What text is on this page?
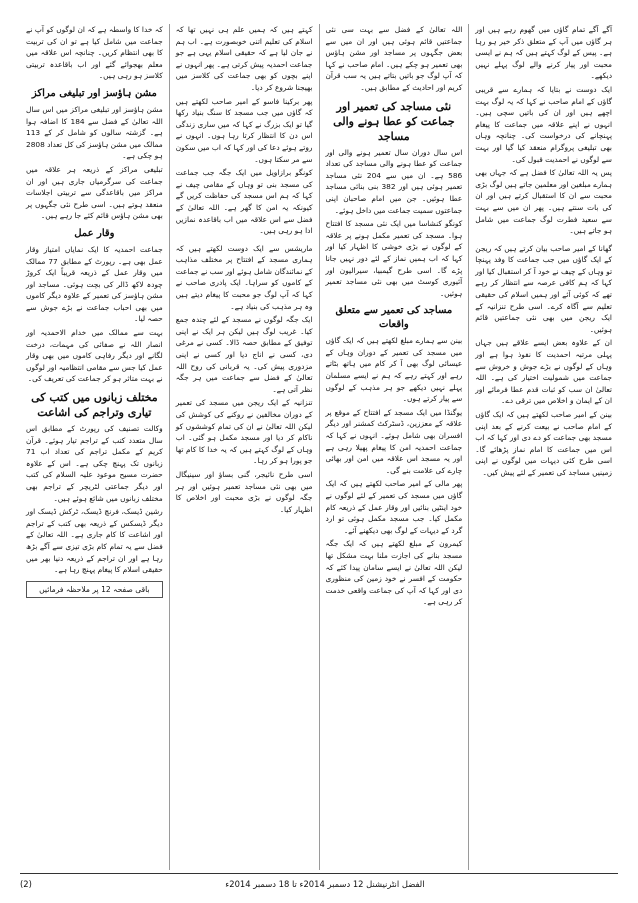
آگے آگے تمام گاؤں میں گھوم رہے ہیں اور ہر گاؤں میں آپ کے متعلق ذکر خیر ہو رہا ہے۔ پیس کے لوگ کہتے ہیں کہ ہم نے ایسی محبت اور پیار کرنے والے لوگ پہلے نہیں دیکھے۔

ایک دوست نے بتایا کہ ہمارے سے قریبی گاؤں کے امام صاحب نے کہا کہ یہ لوگ بہت اچھے ہیں اور ان کی باتیں سچی ہیں۔ انہوں نے اپنے علاقہ میں جماعت کا پیغام پہنچانے کی درخواست کی۔ چنانچہ وہاں بھی تبلیغی پروگرام منعقد کیا گیا اور بہت سے لوگوں نے احمدیت قبول کی۔

پس یہ اللہ تعالیٰ کا فضل ہے کہ جہاں بھی ہمارے مبلغین اور معلمین جاتے ہیں لوگ بڑی محبت سے ان کا استقبال کرتے ہیں اور ان کی بات سنتے ہیں۔ پھر ان میں سے بہت سے سعید فطرت لوگ جماعت میں شامل ہو جاتے ہیں۔

گھانا کے امیر صاحب بیان کرتے ہیں کہ ریجن کے ایک گاؤں میں جب جماعت کا وفد پہنچا تو وہاں کے چیف نے خود آ کر استقبال کیا اور کہا کہ ہم کافی عرصہ سے انتظار کر رہے تھے کہ کوئی آئے اور ہمیں اسلام کی حقیقی تعلیم سے آگاہ کرے۔ اسی طرح تنزانیہ کے ایک ریجن میں بھی نئی جماعتیں قائم ہوئیں۔

ان کے علاوہ بعض ایسے علاقے ہیں جہاں پہلی مرتبہ احمدیت کا نفوذ ہوا ہے اور وہاں کے لوگوں نے بڑے جوش و خروش سے جماعت میں شمولیت اختیار کی ہے۔ اللہ تعالیٰ ان سب کو ثبات قدم عطا فرمائے اور ان کے ایمان و اخلاص میں ترقی دے۔

بینن کے امیر صاحب لکھتے ہیں کہ ایک گاؤں کے امام صاحب نے بیعت کرنے کے بعد اپنی مسجد بھی جماعت کو دے دی اور کہا کہ اب اس میں جماعت کا امام نماز پڑھائے گا۔ اسی طرح کئی دیہات میں لوگوں نے اپنی زمینیں مساجد کی تعمیر کے لئے پیش کیں۔

اللہ تعالیٰ کے فضل سے بہت سی نئی جماعتیں قائم ہوئی ہیں اور ان میں سے بعض جگہوں پر مساجد اور مشن ہاؤس بھی تعمیر ہو چکے ہیں۔ امام صاحب نے کہا کہ آپ لوگ جو باتیں بتاتے ہیں یہ سب قرآن کریم اور احادیث کے مطابق ہیں۔

نئی مساجد کی تعمیر اور جماعت کو عطا ہونے والی مساجد

اس سال دوران سال تعمیر ہونے والی اور جماعت کو عطا ہونے والی مساجد کی تعداد 586 ہے۔ ان میں سے 204 نئی مساجد تعمیر ہوئی ہیں اور 382 بنی بنائی مساجد عطا ہوئیں۔ جن میں امام صاحبان اپنی جماعتوں سمیت جماعت میں داخل ہوئے۔

کونگو کنشاسا میں ایک نئی مسجد کا افتتاح ہوا۔ مسجد کی تعمیر مکمل ہونے پر علاقہ کے لوگوں نے بڑی خوشی کا اظہار کیا اور کہا کہ اب ہمیں نماز کے لئے دور نہیں جانا پڑے گا۔ اسی طرح گیمبیا، سیرالیون اور آئیوری کوسٹ میں بھی نئی مساجد تعمیر ہوئیں۔

مساجد کی تعمیر سے متعلق واقعات

بینن سے ہمارے مبلغ لکھتے ہیں کہ ایک گاؤں میں مسجد کی تعمیر کے دوران وہاں کے عیسائی لوگ بھی آ کر کام میں ہاتھ بٹاتے رہے اور کہتے رہے کہ ہم نے ایسے مسلمان پہلے نہیں دیکھے جو ہر مذہب کے لوگوں سے پیار کرتے ہوں۔

یوگنڈا میں ایک مسجد کے افتتاح کے موقع پر علاقہ کے معززین، ڈسٹرکٹ کمشنر اور دیگر افسران بھی شامل ہوئے۔ انہوں نے کہا کہ جماعت احمدیہ امن کا پیغام پھیلا رہی ہے اور یہ مسجد اس علاقہ میں امن اور بھائی چارے کی علامت بنے گی۔

پھر مالی کے امیر صاحب لکھتے ہیں کہ ایک گاؤں میں مسجد کی تعمیر کے لئے لوگوں نے خود اینٹیں بنائیں اور وقار عمل کے ذریعہ کام مکمل کیا۔ جب مسجد مکمل ہوئی تو ارد گرد کے دیہات کے لوگ بھی دیکھنے آئے۔

کیمرون کے مبلغ لکھتے ہیں کہ ایک جگہ مسجد بنانے کی اجازت ملنا بہت مشکل تھا لیکن اللہ تعالیٰ نے ایسے سامان پیدا کئے کہ حکومت کے افسر نے خود زمین کی منظوری دی اور کہا کہ آپ کی جماعت واقعی خدمت کر رہی ہے۔

کہتے ہیں کہ ہمیں علم ہی نہیں تھا کہ اسلام کی تعلیم اتنی خوبصورت ہے۔ اب ہم نے جان لیا ہے کہ حقیقی اسلام یہی ہے جو جماعت احمدیہ پیش کرتی ہے۔ پھر انہوں نے اپنے بچوں کو بھی جماعت کی کلاسز میں بھیجنا شروع کر دیا۔

پھر برکینا فاسو کے امیر صاحب لکھتے ہیں کہ گاؤں میں جب مسجد کا سنگ بنیاد رکھا گیا تو ایک بزرگ نے کہا کہ میں ساری زندگی اس دن کا انتظار کرتا رہا ہوں۔ انہوں نے روتے ہوئے دعا کی اور کہا کہ اب میں سکون سے مر سکتا ہوں۔

کونگو برازاویل میں ایک جگہ جب جماعت کی مسجد بنی تو وہاں کے مقامی چیف نے کہا کہ ہم اس مسجد کی حفاظت کریں گے کیونکہ یہ امن کا گھر ہے۔ اللہ تعالیٰ کے فضل سے اس علاقہ میں اب باقاعدہ نمازیں ادا ہو رہی ہیں۔

ماریشس سے ایک دوست لکھتے ہیں کہ ہماری مسجد کے افتتاح پر مختلف مذاہب کے نمائندگان شامل ہوئے اور سب نے جماعت کے کاموں کو سراہا۔ ایک پادری صاحب نے کہا کہ آپ لوگ جو محبت کا پیغام دیتے ہیں وہ ہر مذہب کی بنیاد ہے۔

ایک جگہ لوگوں نے مسجد کے لئے چندہ جمع کیا۔ غریب لوگ ہیں لیکن ہر ایک نے اپنی توفیق کے مطابق حصہ ڈالا۔ کسی نے مرغی دی، کسی نے اناج دیا اور کسی نے اپنی مزدوری پیش کی۔ یہ قربانی کی روح اللہ تعالیٰ کے فضل سے جماعت میں ہر جگہ نظر آتی ہے۔

تنزانیہ کے ایک ریجن میں مسجد کی تعمیر کے دوران مخالفین نے روکنے کی کوشش کی لیکن اللہ تعالیٰ نے ان کی تمام کوششوں کو ناکام کر دیا اور مسجد مکمل ہو گئی۔ اب وہاں کے لوگ کہتے ہیں کہ یہ خدا کا کام تھا جو پورا ہو کر رہا۔

اسی طرح نائیجر، گنی بساؤ اور سینیگال میں بھی نئی مساجد تعمیر ہوئیں اور ہر جگہ لوگوں نے بڑی محبت اور اخلاص کا اظہار کیا۔

کہ خدا کا واسطہ ہے کہ ان لوگوں کو آپ نے جماعت میں شامل کیا ہے تو ان کی تربیت کا بھی انتظام کریں۔ چنانچہ اس علاقہ میں معلم بھجوائے گئے اور اب باقاعدہ تربیتی کلاسز ہو رہی ہیں۔

مشن ہاؤسز اور تبلیغی مراکز

مشن ہاؤسز اور تبلیغی مراکز میں اس سال اللہ تعالیٰ کے فضل سے 184 کا اضافہ ہوا ہے۔ گزشتہ سالوں کو شامل کر کے 113 ممالک میں مشن ہاؤسز کی کل تعداد 2808 ہو چکی ہے۔

تبلیغی مراکز کے ذریعہ ہر علاقہ میں جماعت کی سرگرمیاں جاری ہیں اور ان مراکز میں باقاعدگی سے تربیتی اجلاسات منعقد ہوتے ہیں۔ اسی طرح نئی جگہوں پر بھی مشن ہاؤس قائم کئے جا رہے ہیں۔

وقار عمل

جماعت احمدیہ کا ایک نمایاں امتیاز وقار عمل بھی ہے۔ رپورٹ کے مطابق 77 ممالک میں وقار عمل کے ذریعہ قریباً ایک کروڑ چودہ لاکھ ڈالر کی بچت ہوئی۔ مساجد اور مشن ہاؤسز کی تعمیر کے علاوہ دیگر کاموں میں بھی احباب جماعت نے بڑے جوش سے حصہ لیا۔

بہت سے ممالک میں خدام الاحمدیہ اور انصار اللہ نے صفائی کی مہمات، درخت لگانے اور دیگر رفاہی کاموں میں بھی وقار عمل کیا جس سے مقامی انتظامیہ اور لوگوں نے بہت متاثر ہو کر جماعت کی تعریف کی۔

مختلف زبانوں میں کتب کی تیاری وتراجم کی اشاعت

وکالت تصنیف کی رپورٹ کے مطابق اس سال متعدد کتب کے تراجم تیار ہوئے۔ قرآن کریم کے مکمل تراجم کی تعداد اب 71 زبانوں تک پہنچ چکی ہے۔ اس کے علاوہ حضرت مسیح موعود علیہ السلام کی کتب اور دیگر جماعتی لٹریچر کے تراجم بھی مختلف زبانوں میں شائع ہوئے ہیں۔

رشین ڈیسک، فرنچ ڈیسک، ٹرکش ڈیسک اور دیگر ڈیسکس کے ذریعہ بھی کتب کے تراجم اور اشاعت کا کام جاری ہے۔ اللہ تعالیٰ کے فضل سے یہ تمام کام بڑی تیزی سے آگے بڑھ رہا ہے اور ان تراجم کے ذریعہ دنیا بھر میں حقیقی اسلام کا پیغام پہنچ رہا ہے۔

باقی صفحہ 12 پر ملاحظہ فرمائیں
(2)	الفضل انٹرنیشنل 12 دسمبر 2014ء تا 18 دسمبر 2014ء
